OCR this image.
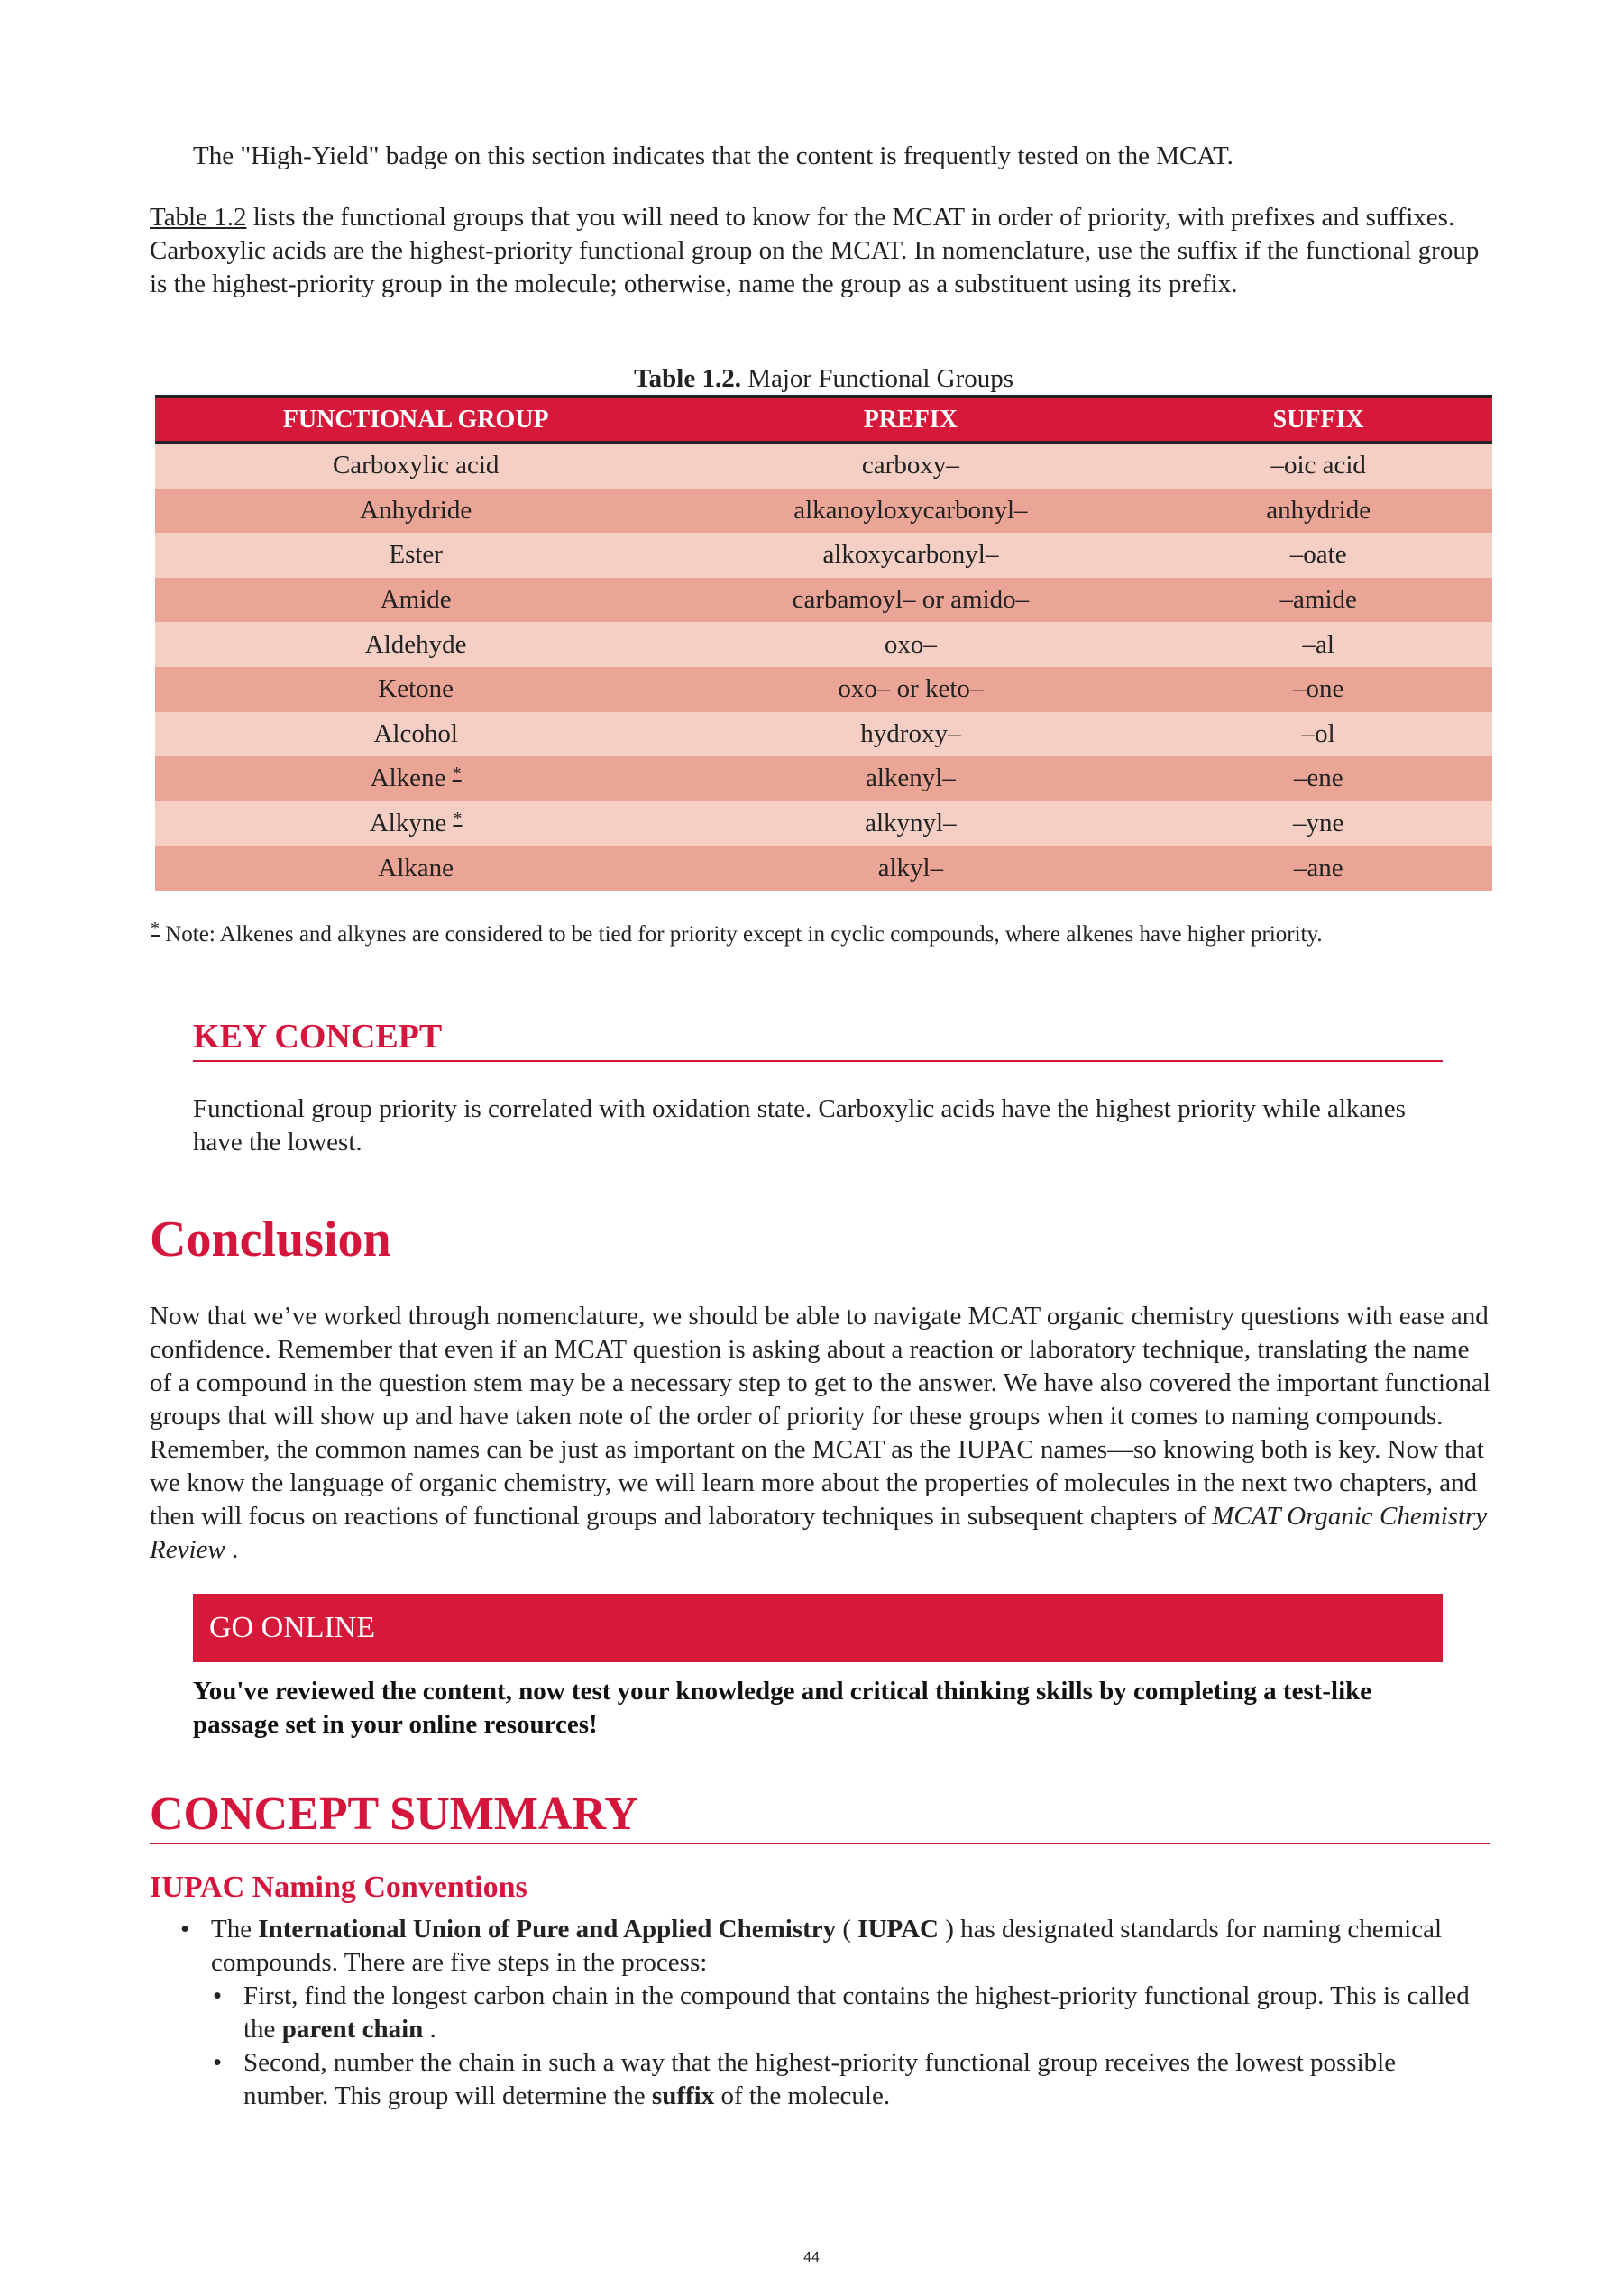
The "High-Yield" badge on this section indicates that the content is frequently tested on the MCAT.

Table 1.2 lists the functional groups that you will need to know for the MCAT in order of priority, with prefixes and suffixes. Carboxylic acids are the highest-priority functional group on the MCAT. In nomenclature, use the suffix if the functional group is the highest-priority group in the molecule; otherwise, name the group as a substituent using its prefix.

Table 1.2. Major Functional Groups
FUNCTIONAL GROUP	PREFIX	SUFFIX
Carboxylic acid	carboxy–	–oic acid
Anhydride	alkanoyloxycarbonyl–	anhydride
Ester	alkoxycarbonyl–	–oate
Amide	carbamoyl– or amido–	–amide
Aldehyde	oxo–	–al
Ketone	oxo– or keto–	–one
Alcohol	hydroxy–	–ol
Alkene *	alkenyl–	–ene
Alkyne *	alkynyl–	–yne
Alkane	alkyl–	–ane

* Note: Alkenes and alkynes are considered to be tied for priority except in cyclic compounds, where alkenes have higher priority.

KEY CONCEPT

Functional group priority is correlated with oxidation state. Carboxylic acids have the highest priority while alkanes have the lowest.

Conclusion

Now that we’ve worked through nomenclature, we should be able to navigate MCAT organic chemistry questions with ease and confidence. Remember that even if an MCAT question is asking about a reaction or laboratory technique, translating the name of a compound in the question stem may be a necessary step to get to the answer. We have also covered the important functional groups that will show up and have taken note of the order of priority for these groups when it comes to naming compounds. Remember, the common names can be just as important on the MCAT as the IUPAC names—so knowing both is key. Now that we know the language of organic chemistry, we will learn more about the properties of molecules in the next two chapters, and then will focus on reactions of functional groups and laboratory techniques in subsequent chapters of MCAT Organic Chemistry Review .

GO ONLINE

You've reviewed the content, now test your knowledge and critical thinking skills by completing a test-like passage set in your online resources!

CONCEPT SUMMARY
IUPAC Naming Conventions
• The International Union of Pure and Applied Chemistry ( IUPAC ) has designated standards for naming chemical compounds. There are five steps in the process:
• First, find the longest carbon chain in the compound that contains the highest-priority functional group. This is called the parent chain .
• Second, number the chain in such a way that the highest-priority functional group receives the lowest possible number. This group will determine the suffix of the molecule.
44
